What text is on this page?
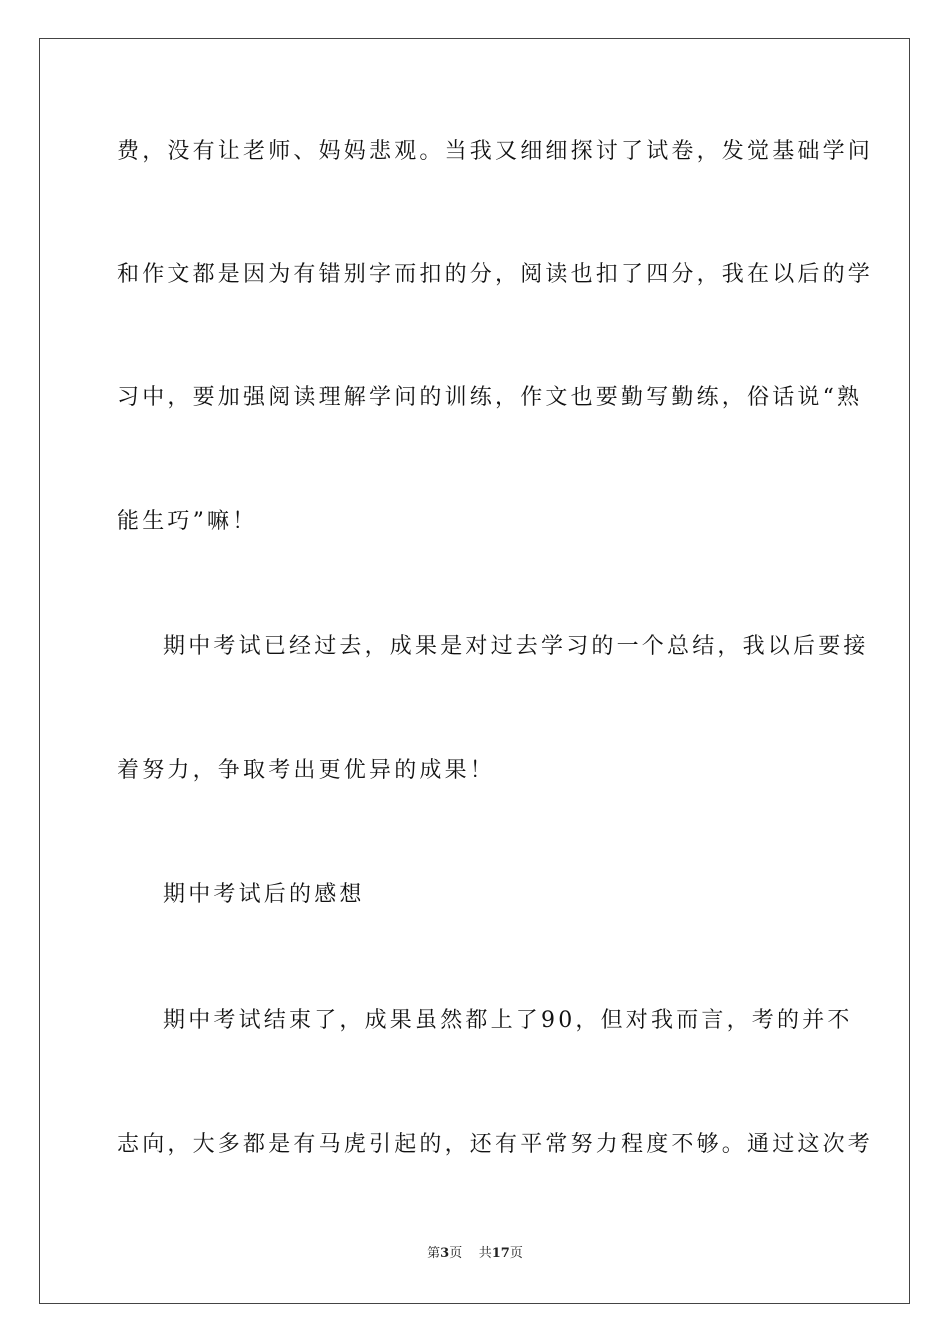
费，没有让老师、妈妈悲观。当我又细细探讨了试卷，发觉基础学问
和作文都是因为有错别字而扣的分，阅读也扣了四分，我在以后的学
习中，要加强阅读理解学问的训练，作文也要勤写勤练，俗话说“熟
能生巧”嘛！
期中考试已经过去，成果是对过去学习的一个总结，我以后要接
着努力，争取考出更优异的成果！
期中考试后的感想
期中考试结束了，成果虽然都上了90，但对我而言，考的并不
志向，大多都是有马虎引起的，还有平常努力程度不够。通过这次考
第3页 共17页
